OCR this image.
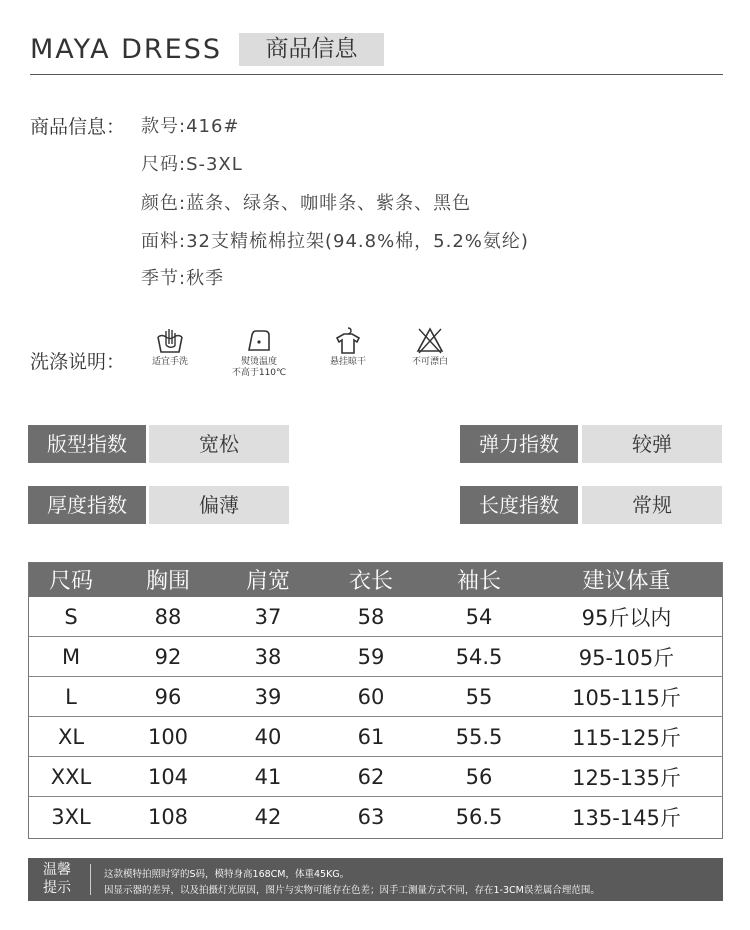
MAYA DRESS	商品信息
商品信息： 款号:416#
尺码:S-3XL
颜色:蓝条、绿条、咖啡条、紫条、黑色
面料:32支精梳棉拉架(94.8%棉，5.2%氨纶)
季节:秋季
洗涤说明：	适宜手洗	熨烫温度
不高于110℃
悬挂晾干	不可漂白
版型指数	宽松	弹力指数	较弹
厚度指数	偏薄	长度指数	常规
尺码	胸围	肩宽	衣长	袖长	建议体重
S	88	37	58	54	95斤以内
M	92	38	59	54.5	95-105斤
L	96	39	60	55	105-115斤
XL	100	40	61	55.5	115-125斤
XXL	104	41	62	56	125-135斤
3XL	108	42	63	56.5	135-145斤
温馨
提示
这款模特拍照时穿的S码，模特身高168CM，体重45KG。
因显示器的差异，以及拍摄灯光原因，图片与实物可能存在色差；因手工测量方式不同，存在1-3CM误差属合理范围。
